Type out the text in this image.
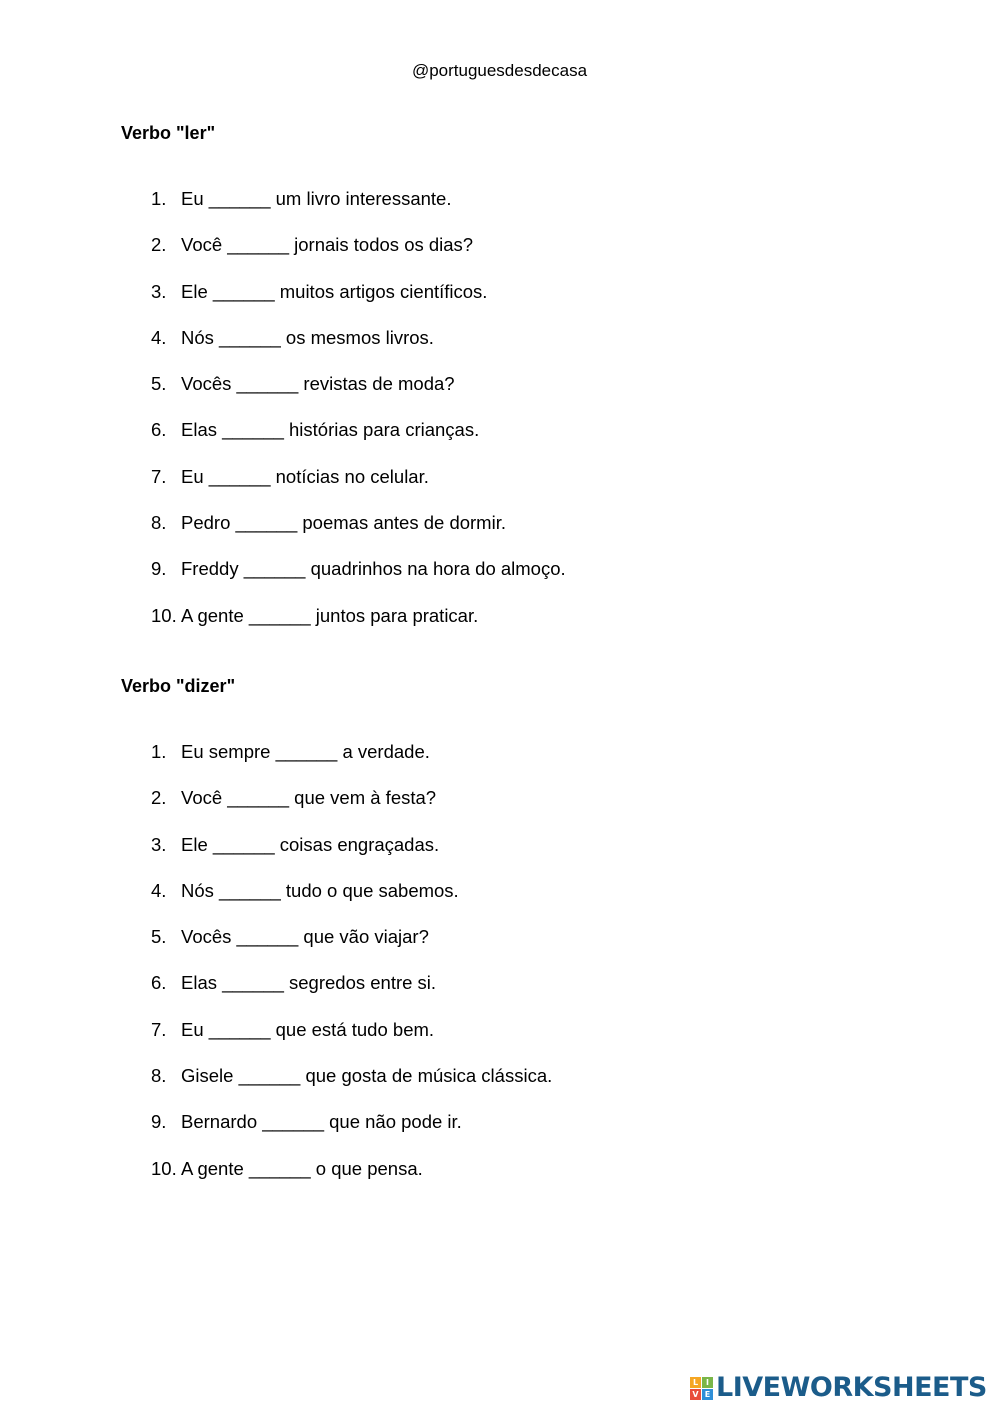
@portuguesdesdecasa
Verbo "ler"
1. Eu ______ um livro interessante.
2. Você ______ jornais todos os dias?
3. Ele ______ muitos artigos científicos.
4. Nós ______ os mesmos livros.
5. Vocês ______ revistas de moda?
6. Elas ______ histórias para crianças.
7. Eu ______ notícias no celular.
8. Pedro ______ poemas antes de dormir.
9. Freddy ______ quadrinhos na hora do almoço.
10. A gente ______ juntos para praticar.
Verbo "dizer"
1. Eu sempre ______ a verdade.
2. Você ______ que vem à festa?
3. Ele ______ coisas engraçadas.
4. Nós ______ tudo o que sabemos.
5. Vocês ______ que vão viajar?
6. Elas ______ segredos entre si.
7. Eu ______ que está tudo bem.
8. Gisele ______ que gosta de música clássica.
9. Bernardo ______ que não pode ir.
10. A gente ______ o que pensa.
L I
V E LIVEWORKSHEETS
